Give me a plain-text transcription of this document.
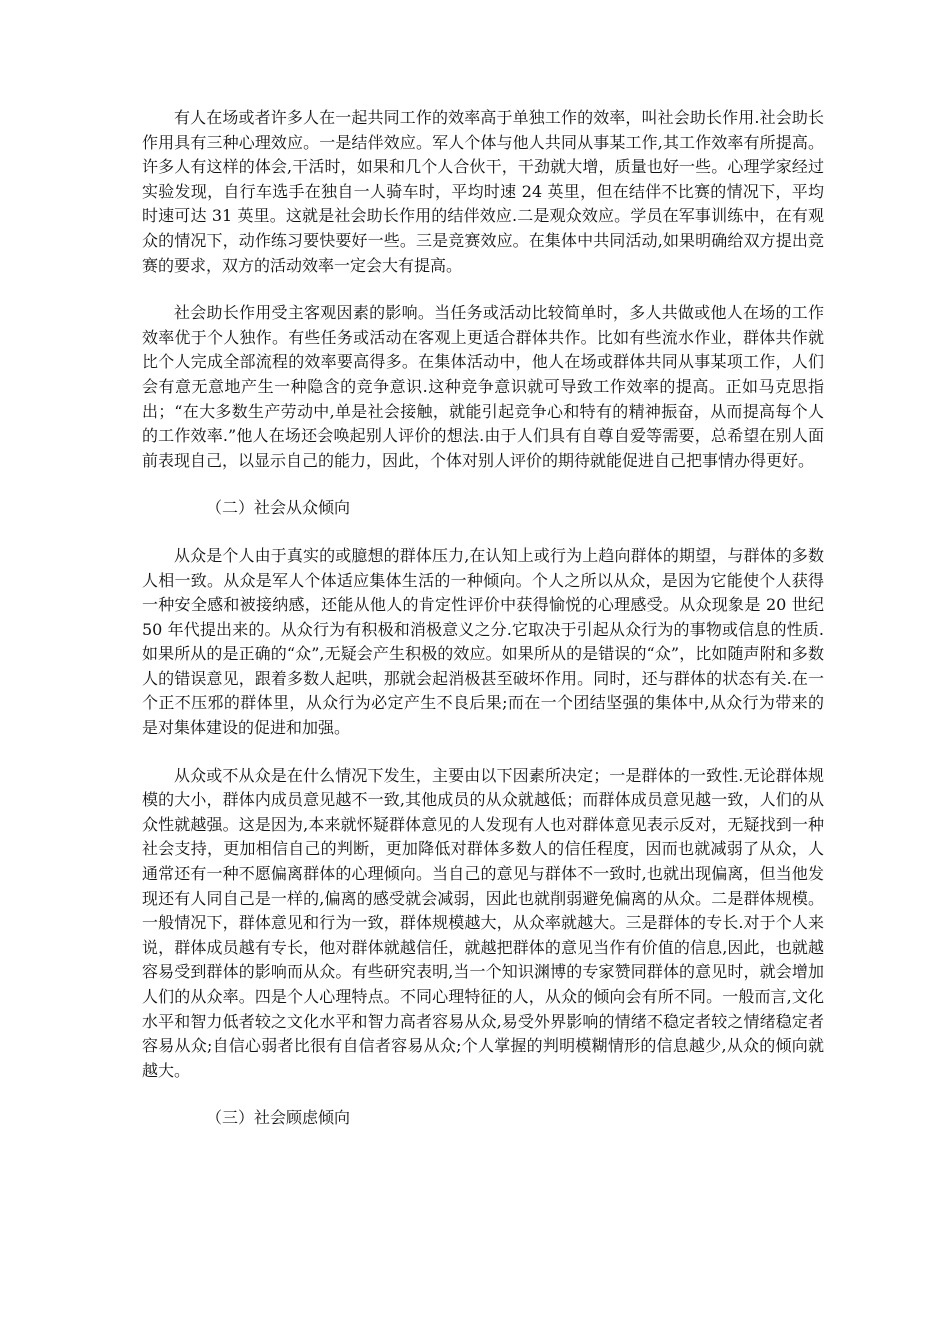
有人在场或者许多人在一起共同工作的效率高于单独工作的效率，叫社会助长作用.社会助长作用具有三种心理效应。一是结伴效应。军人个体与他人共同从事某工作,其工作效率有所提高。许多人有这样的体会,干活时，如果和几个人合伙干，干劲就大增，质量也好一些。心理学家经过实验发现，自行车选手在独自一人骑车时，平均时速 24 英里，但在结伴不比赛的情况下，平均时速可达 31 英里。这就是社会助长作用的结伴效应.二是观众效应。学员在军事训练中，在有观众的情况下，动作练习要快要好一些。三是竞赛效应。在集体中共同活动,如果明确给双方提出竞赛的要求，双方的活动效率一定会大有提高。

社会助长作用受主客观因素的影响。当任务或活动比较简单时，多人共做或他人在场的工作效率优于个人独作。有些任务或活动在客观上更适合群体共作。比如有些流水作业，群体共作就比个人完成全部流程的效率要高得多。在集体活动中，他人在场或群体共同从事某项工作，人们会有意无意地产生一种隐含的竞争意识.这种竞争意识就可导致工作效率的提高。正如马克思指出；“在大多数生产劳动中,单是社会接触，就能引起竞争心和特有的精神振奋，从而提高每个人的工作效率.”他人在场还会唤起别人评价的想法.由于人们具有自尊自爱等需要，总希望在别人面前表现自己，以显示自己的能力，因此，个体对别人评价的期待就能促进自己把事情办得更好。

（二）社会从众倾向

从众是个人由于真实的或臆想的群体压力,在认知上或行为上趋向群体的期望，与群体的多数人相一致。从众是军人个体适应集体生活的一种倾向。个人之所以从众，是因为它能使个人获得一种安全感和被接纳感，还能从他人的肯定性评价中获得愉悦的心理感受。从众现象是 20 世纪 50 年代提出来的。从众行为有积极和消极意义之分.它取决于引起从众行为的事物或信息的性质.如果所从的是正确的“众”,无疑会产生积极的效应。如果所从的是错误的“众”，比如随声附和多数人的错误意见，跟着多数人起哄，那就会起消极甚至破坏作用。同时，还与群体的状态有关.在一个正不压邪的群体里，从众行为必定产生不良后果;而在一个团结坚强的集体中,从众行为带来的是对集体建设的促进和加强。

从众或不从众是在什么情况下发生，主要由以下因素所决定；一是群体的一致性.无论群体规模的大小，群体内成员意见越不一致,其他成员的从众就越低；而群体成员意见越一致，人们的从众性就越强。这是因为,本来就怀疑群体意见的人发现有人也对群体意见表示反对，无疑找到一种社会支持，更加相信自己的判断，更加降低对群体多数人的信任程度，因而也就减弱了从众，人通常还有一种不愿偏离群体的心理倾向。当自己的意见与群体不一致时,也就出现偏离，但当他发现还有人同自己是一样的,偏离的感受就会减弱，因此也就削弱避免偏离的从众。二是群体规模。一般情况下，群体意见和行为一致，群体规模越大，从众率就越大。三是群体的专长.对于个人来说，群体成员越有专长，他对群体就越信任，就越把群体的意见当作有价值的信息,因此，也就越容易受到群体的影响而从众。有些研究表明,当一个知识渊博的专家赞同群体的意见时，就会增加人们的从众率。四是个人心理特点。不同心理特征的人，从众的倾向会有所不同。一般而言,文化水平和智力低者较之文化水平和智力高者容易从众,易受外界影响的情绪不稳定者较之情绪稳定者容易从众;自信心弱者比很有自信者容易从众;个人掌握的判明模糊情形的信息越少,从众的倾向就越大。

（三）社会顾虑倾向
